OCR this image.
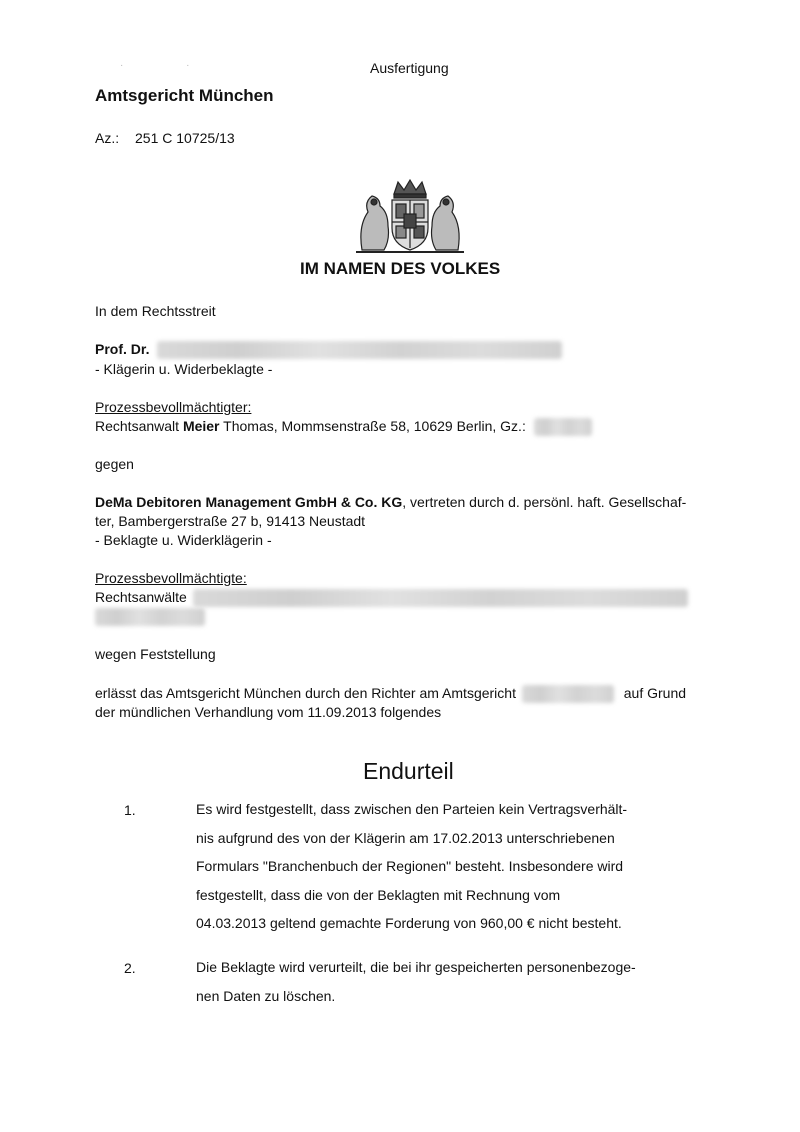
· ·	Ausfertigung
Amtsgericht München
Az.: 251 C 10725/13
IM NAMEN DES VOLKES
In dem Rechtsstreit
Prof. Dr.
- Klägerin u. Widerbeklagte -
Prozessbevollmächtigter:
Rechtsanwalt Meier Thomas, Mommsenstraße 58, 10629 Berlin, Gz.:
gegen
DeMa Debitoren Management GmbH & Co. KG, vertreten durch d. persönl. haft. Gesellschaf-
ter, Bambergerstraße 27 b, 91413 Neustadt
- Beklagte u. Widerklägerin -
Prozessbevollmächtigte:
Rechtsanwälte
wegen Feststellung
erlässt das Amtsgericht München durch den Richter am Amtsgericht	auf Grund
der mündlichen Verhandlung vom 11.09.2013 folgendes
Endurteil
1.	Es wird festgestellt, dass zwischen den Parteien kein Vertragsverhält-
nis aufgrund des von der Klägerin am 17.02.2013 unterschriebenen
Formulars "Branchenbuch der Regionen" besteht. Insbesondere wird
festgestellt, dass die von der Beklagten mit Rechnung vom
04.03.2013 geltend gemachte Forderung von 960,00 € nicht besteht.
2.	Die Beklagte wird verurteilt, die bei ihr gespeicherten personenbezoge-
nen Daten zu löschen.
